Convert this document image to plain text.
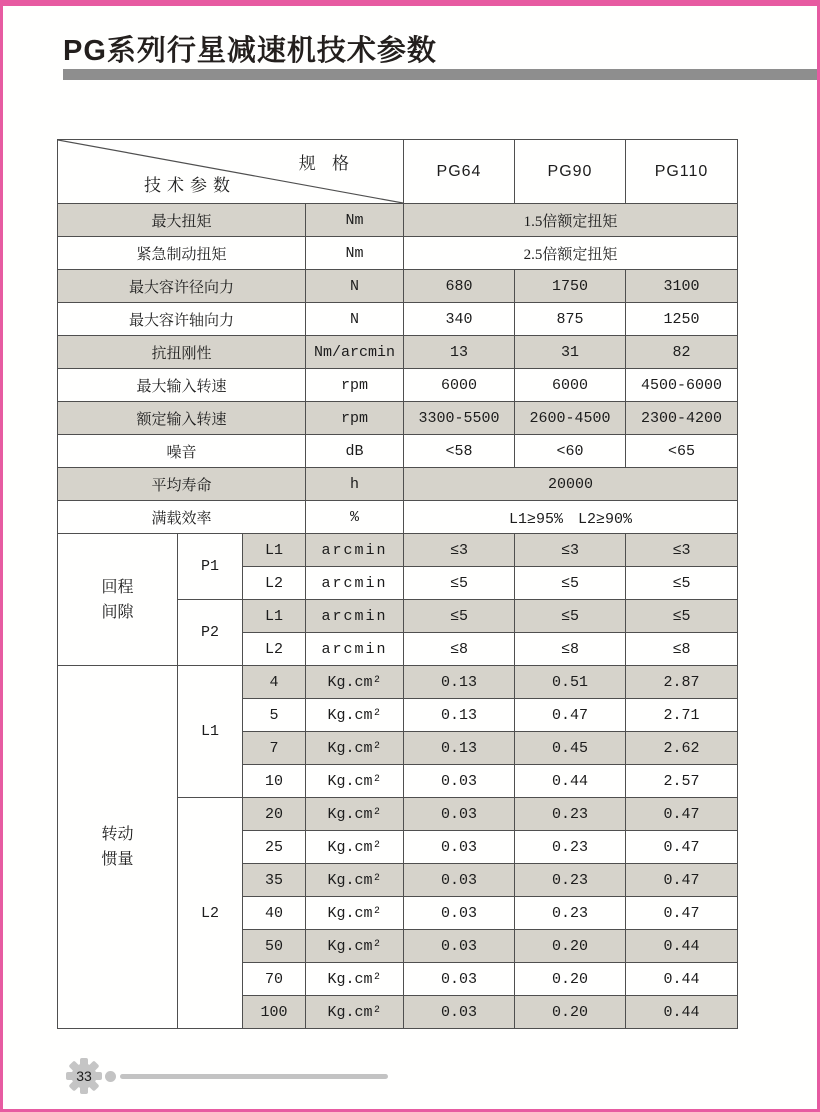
PG系列行星减速机技术参数
规 格
技术参数				PG64	PG90	PG110
最大扭矩			Nm	1.5倍额定扭矩		
紧急制动扭矩			Nm	2.5倍额定扭矩		
最大容许径向力			N	680	1750	3100
最大容许轴向力			N	340	875	1250
抗扭刚性			Nm/arcmin	13	31	82
最大输入转速			rpm	6000	6000	4500-6000
额定输入转速			rpm	3300-5500	2600-4500	2300-4200
噪音			dB	<58	<60	<65
平均寿命			h	20000		
满载效率			%	L1≥95%　L2≥90%		

回程
间隙	P1	L1	arcmin	≤3	≤3	≤3
		L2	arcmin	≤5	≤5	≤5
	P2	L1	arcmin	≤5	≤5	≤5
		L2	arcmin	≤8	≤8	≤8

转动
惯量	L1	4	Kg.cm²	0.13	0.51	2.87
		5	Kg.cm²	0.13	0.47	2.71
		7	Kg.cm²	0.13	0.45	2.62
		10	Kg.cm²	0.03	0.44	2.57
	L2	20	Kg.cm²	0.03	0.23	0.47
		25	Kg.cm²	0.03	0.23	0.47
		35	Kg.cm²	0.03	0.23	0.47
		40	Kg.cm²	0.03	0.23	0.47
		50	Kg.cm²	0.03	0.20	0.44
		70	Kg.cm²	0.03	0.20	0.44
		100	Kg.cm²	0.03	0.20	0.44
33
